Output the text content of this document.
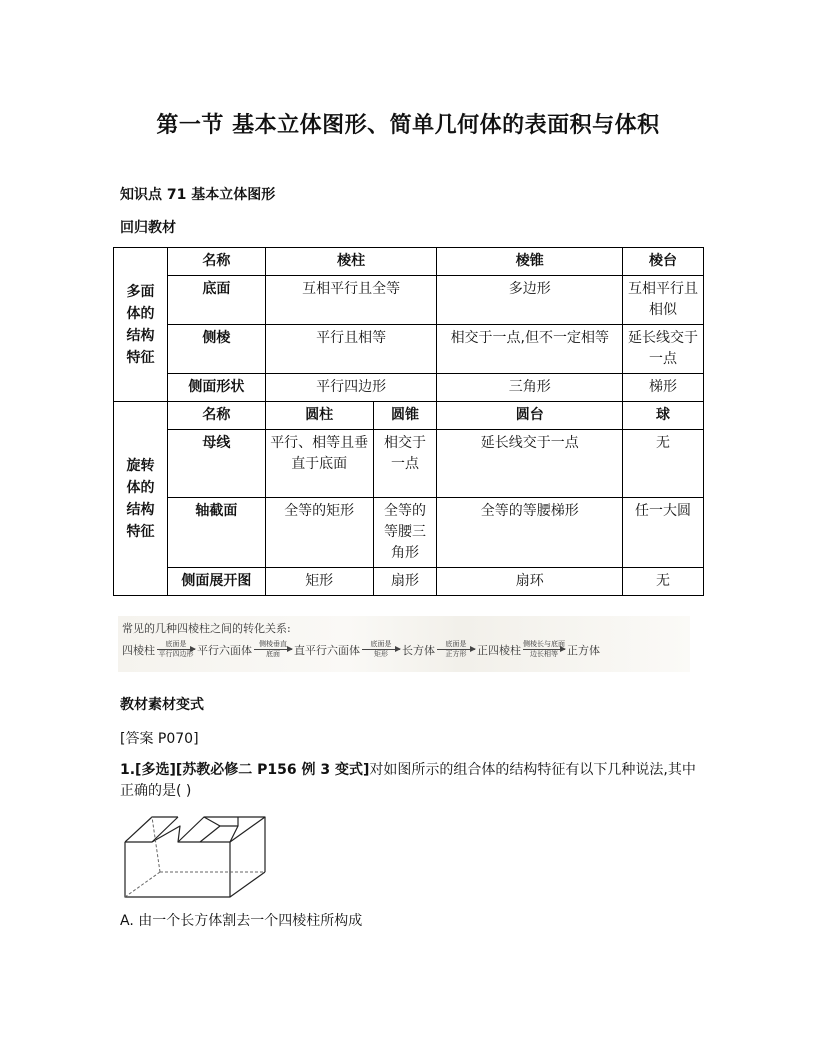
第一节 基本立体图形、简单几何体的表面积与体积
知识点 71 基本立体图形
回归教材
多面体的结构特征	名称	棱柱		棱锥	棱台
	底面	互相平行且全等		多边形	互相平行且相似
	侧棱	平行且相等		相交于一点,但不一定相等	延长线交于一点
	侧面形状	平行四边形		三角形	梯形
旋转体的结构特征	名称	圆柱	圆锥	圆台	球
	母线	平行、相等且垂直于底面	相交于一点	延长线交于一点	无
	轴截面	全等的矩形	全等的等腰三角形	全等的等腰梯形	任一大圆
	侧面展开图	矩形	扇形	扇环	无
常见的几种四棱柱之间的转化关系:
四棱柱 底面是
平行四边形 平行六面体 侧棱垂直
底面 直平行六面体 底面是
矩形 长方体 底面是
正方形 正四棱柱 侧棱长与底面
边长相等 正方体
教材素材变式
[答案 P070]
1.[多选][苏教必修二 P156 例 3 变式]对如图所示的组合体的结构特征有以下几种说法,其中正确的是( )
A. 由一个长方体割去一个四棱柱所构成
